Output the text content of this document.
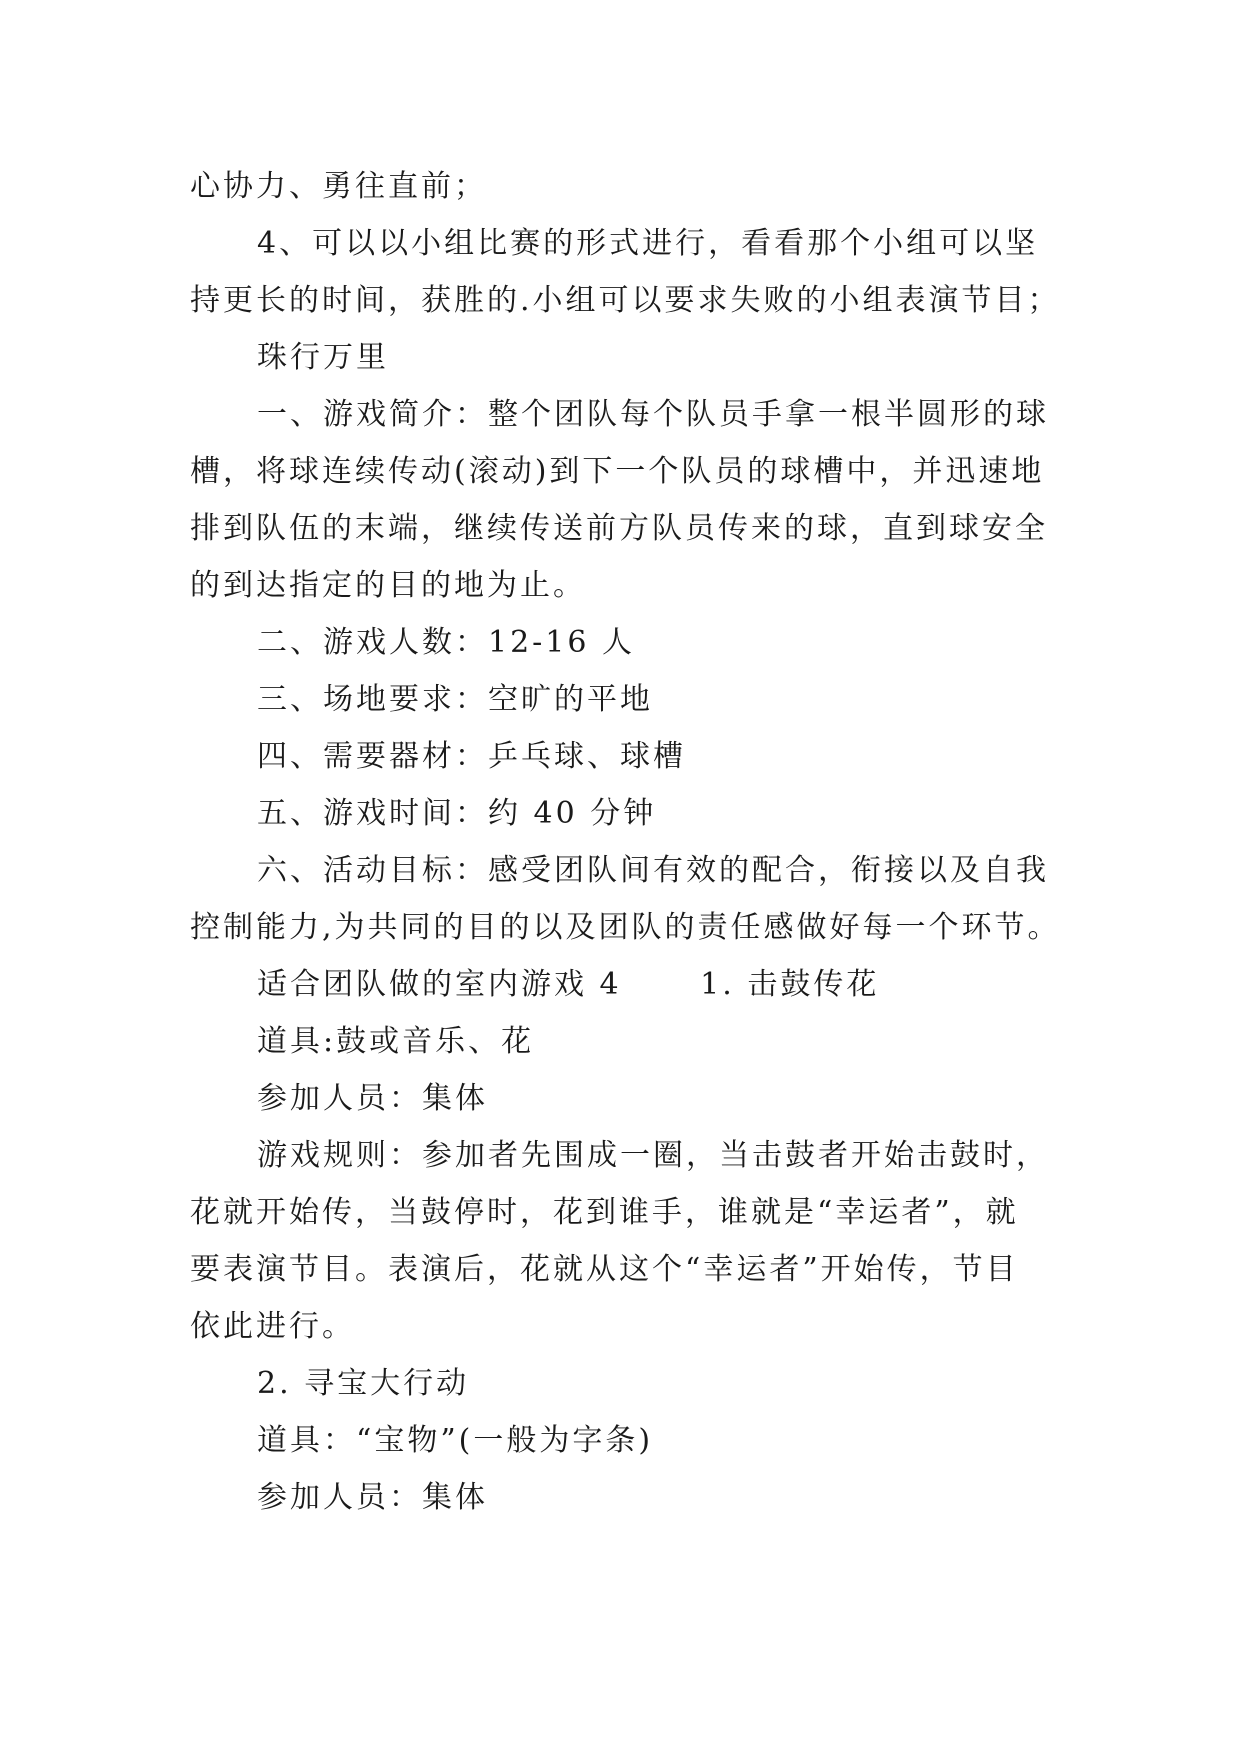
心协力、勇往直前；
4、可以以小组比赛的形式进行，看看那个小组可以坚
持更长的时间，获胜的.小组可以要求失败的小组表演节目；
珠行万里
一、游戏简介：整个团队每个队员手拿一根半圆形的球
槽，将球连续传动(滚动)到下一个队员的球槽中，并迅速地
排到队伍的末端，继续传送前方队员传来的球，直到球安全
的到达指定的目的地为止。
二、游戏人数：12-16 人
三、场地要求：空旷的平地
四、需要器材：乒乓球、球槽
五、游戏时间：约 40 分钟
六、活动目标：感受团队间有效的配合，衔接以及自我
控制能力,为共同的目的以及团队的责任感做好每一个环节。
适合团队做的室内游戏 4　　 1. 击鼓传花
道具:鼓或音乐、花
参加人员：集体
游戏规则：参加者先围成一圈，当击鼓者开始击鼓时，
花就开始传，当鼓停时，花到谁手，谁就是“幸运者”，就
要表演节目。表演后，花就从这个“幸运者”开始传，节目
依此进行。
2. 寻宝大行动
道具：“宝物”(一般为字条)
参加人员：集体
